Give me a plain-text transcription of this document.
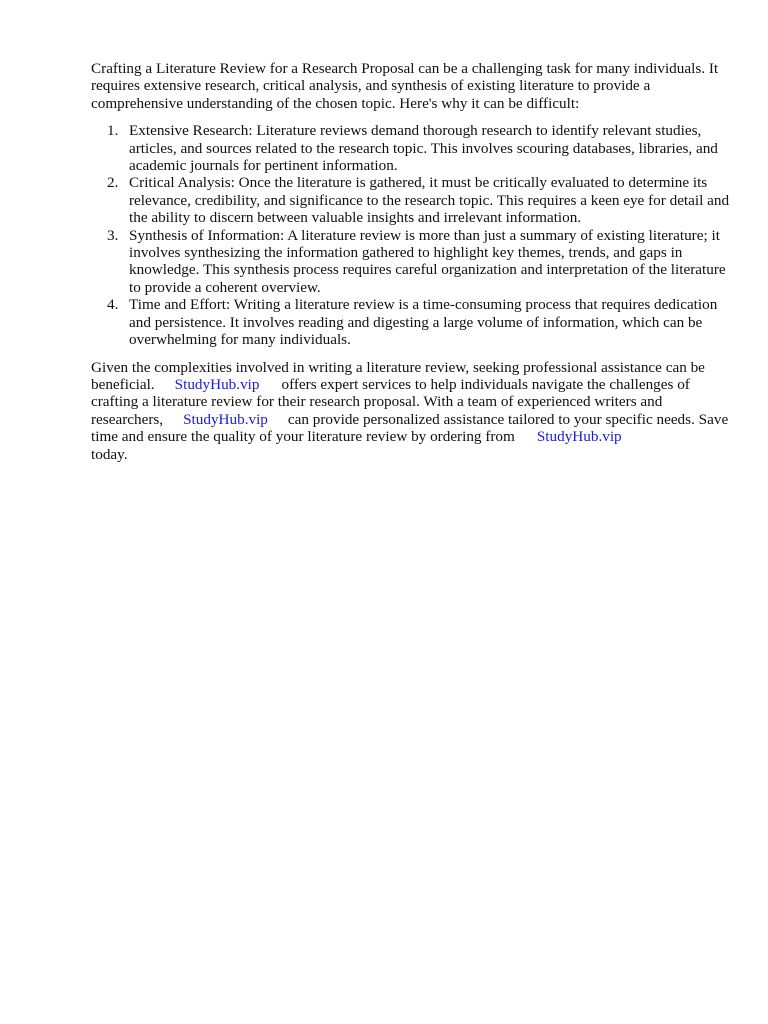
Crafting a Literature Review for a Research Proposal can be a challenging task for many individuals. It requires extensive research, critical analysis, and synthesis of existing literature to provide a comprehensive understanding of the chosen topic. Here's why it can be difficult:

1. Extensive Research: Literature reviews demand thorough research to identify relevant studies, articles, and sources related to the research topic. This involves scouring databases, libraries, and academic journals for pertinent information.
2. Critical Analysis: Once the literature is gathered, it must be critically evaluated to determine its relevance, credibility, and significance to the research topic. This requires a keen eye for detail and the ability to discern between valuable insights and irrelevant information.
3. Synthesis of Information: A literature review is more than just a summary of existing literature; it involves synthesizing the information gathered to highlight key themes, trends, and gaps in knowledge. This synthesis process requires careful organization and interpretation of the literature to provide a coherent overview.
4. Time and Effort: Writing a literature review is a time-consuming process that requires dedication and persistence. It involves reading and digesting a large volume of information, which can be overwhelming for many individuals.

Given the complexities involved in writing a literature review, seeking professional assistance can be beneficial. StudyHub.vip offers expert services to help individuals navigate the challenges of crafting a literature review for their research proposal. With a team of experienced writers and researchers, StudyHub.vip can provide personalized assistance tailored to your specific needs. Save time and ensure the quality of your literature review by ordering from StudyHub.vip
today.
